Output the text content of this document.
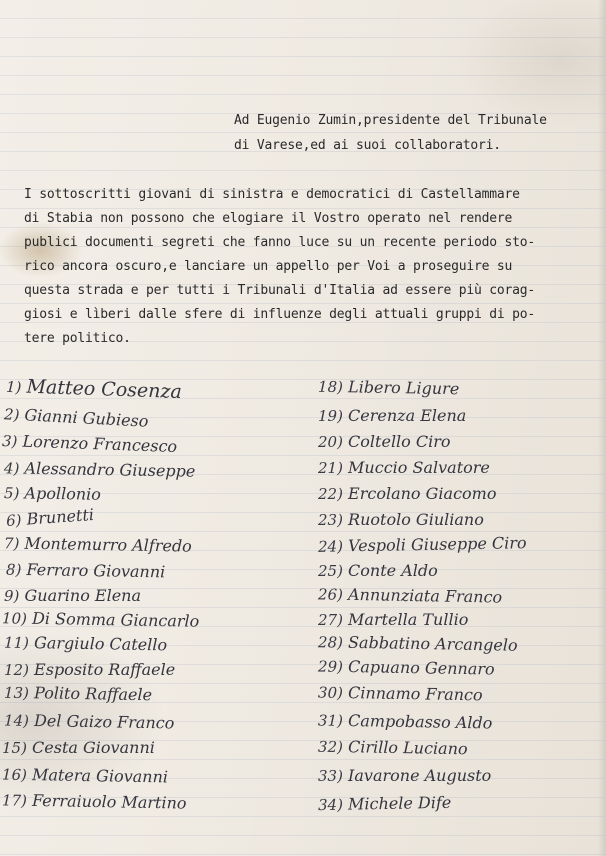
Ad Eugenio Zumin,presidente del Tribunale
di Varese,ed ai suoi collaboratori.
I sottoscritti giovani di sinistra e democratici di Castellammare
di Stabia non possono che elogiare il Vostro operato nel rendere
publici documenti segreti che fanno luce su un recente periodo sto-
rico ancora oscuro,e lanciare un appello per Voi a proseguire su
questa strada e per tutti i Tribunali d'Italia ad essere più corag-
giosi e lìberi dalle sfere di influenze degli attuali gruppi di po-
tere politico.
1) Matteo Cosenza
2) Gianni Gubieso
3) Lorenzo Francesco
4) Alessandro Giuseppe
5) Apollonio
6) Brunetti
7) Montemurro Alfredo
8) Ferraro Giovanni
9) Guarino Elena
10) Di Somma Giancarlo
11) Gargiulo Catello
12) Esposito Raffaele
13) Polito Raffaele
14) Del Gaizo Franco
15) Cesta Giovanni
16) Matera Giovanni
17) Ferraiuolo Martino
18) Libero Ligure
19) Cerenza Elena
20) Coltello Ciro
21) Muccio Salvatore
22) Ercolano Giacomo
23) Ruotolo Giuliano
24) Vespoli Giuseppe Ciro
25) Conte Aldo
26) Annunziata Franco
27) Martella Tullio
28) Sabbatino Arcangelo
29) Capuano Gennaro
30) Cinnamo Franco
31) Campobasso Aldo
32) Cirillo Luciano
33) Iavarone Augusto
34) Michele Dife
